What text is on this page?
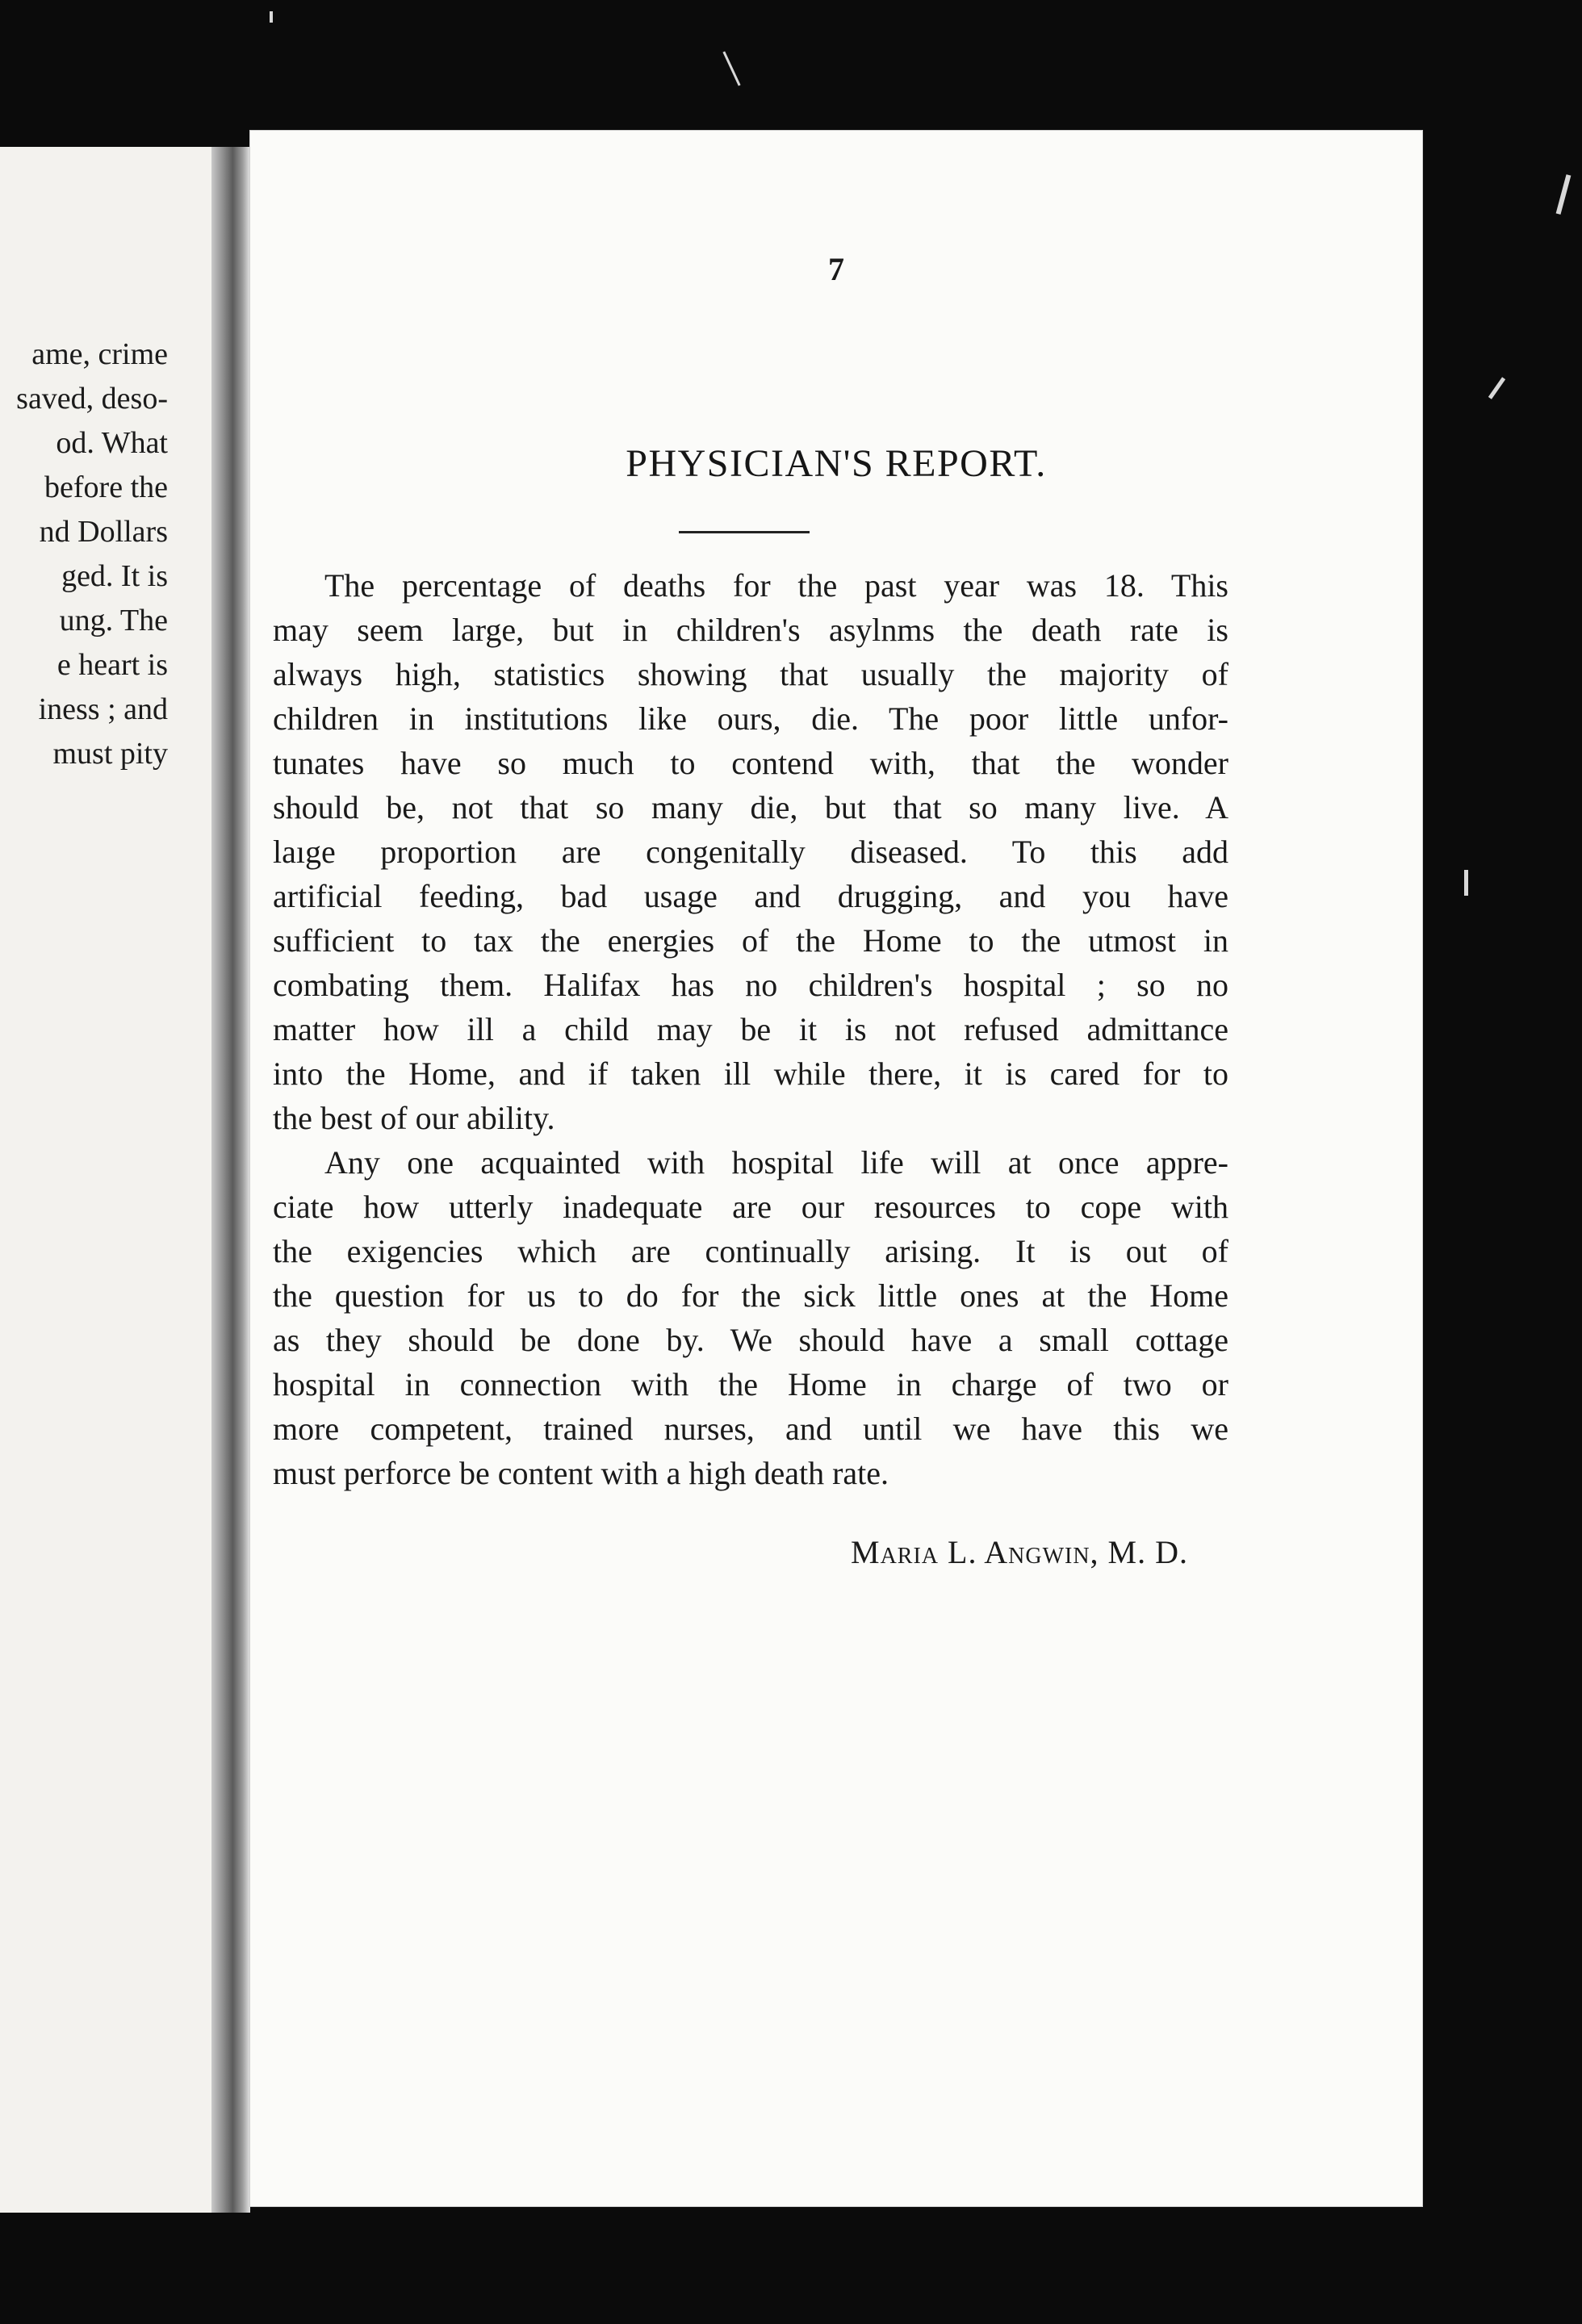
ame, crime
saved, deso-
od. What
before the
nd Dollars
ged. It is
ung. The
e heart is
iness ; and
must pity
7
PHYSICIAN'S REPORT.
The percentage of deaths for the past year was 18. This
may seem large, but in children's asylnms the death rate is
always high, statistics showing that usually the majority of
children in institutions like ours, die. The poor little unfor-
tunates have so much to contend with, that the wonder
should be, not that so many die, but that so many live. A
laıge proportion are congenitally diseased. To this add
artificial feeding, bad usage and drugging, and you have
sufficient to tax the energies of the Home to the utmost in
combating them. Halifax has no children's hospital ; so no
matter how ill a child may be it is not refused admittance
into the Home, and if taken ill while there, it is cared for to
the best of our ability.
Any one acquainted with hospital life will at once appre-
ciate how utterly inadequate are our resources to cope with
the exigencies which are continually arising. It is out of
the question for us to do for the sick little ones at the Home
as they should be done by. We should have a small cottage
hospital in connection with the Home in charge of two or
more competent, trained nurses, and until we have this we
must perforce be content with a high death rate.
Maria L. Angwin, M. D.
